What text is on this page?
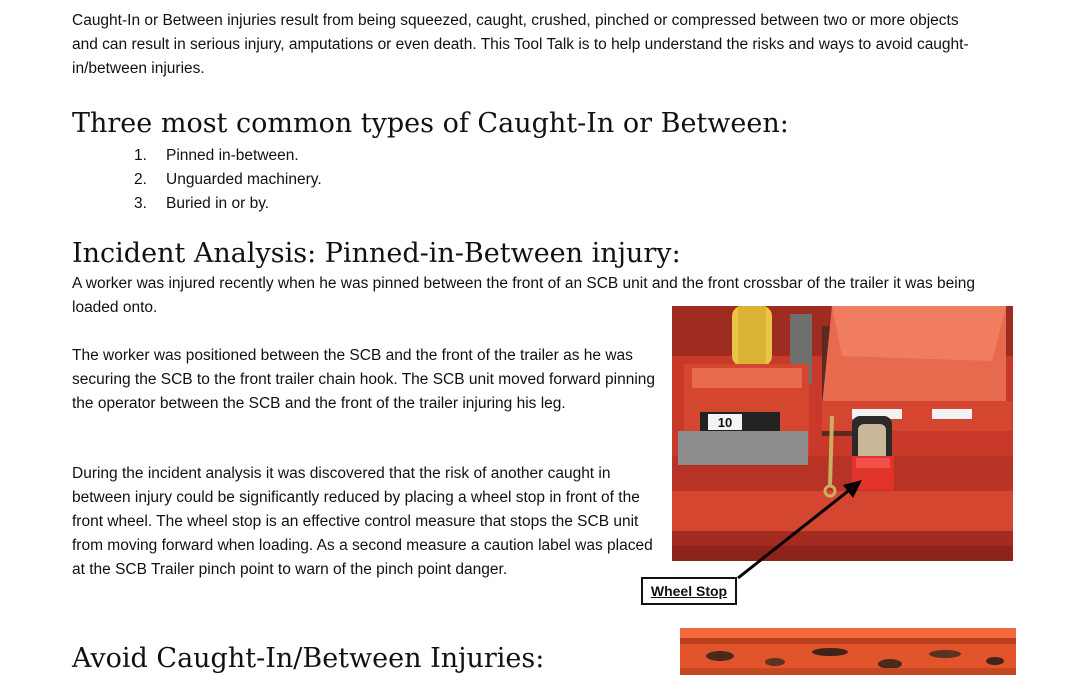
Caught-In or Between injuries result from being squeezed, caught, crushed, pinched or compressed between two or more objects and can result in serious injury, amputations or even death. This Tool Talk is to help understand the risks and ways to avoid caught-in/between injuries.

Three most common types of Caught-In or Between:
1.	Pinned in-between.
2.	Unguarded machinery.
3.	Buried in or by.
Incident Analysis: Pinned-in-Between injury:

A worker was injured recently when he was pinned between the front of an SCB unit and the front crossbar of the trailer it was being loaded onto.

The worker was positioned between the SCB and the front of the trailer as he was securing the SCB to the front trailer chain hook. The SCB unit moved forward pinning the operator between the SCB and the front of the trailer injuring his leg.

During the incident analysis it was discovered that the risk of another caught in between injury could be significantly reduced by placing a wheel stop in front of the front wheel. The wheel stop is an effective control measure that stops the SCB unit from moving forward when loading. As a second measure a caution label was placed at the SCB Trailer pinch point to warn of the pinch point danger.

10
Wheel Stop
Avoid Caught-In/Between Injuries:
